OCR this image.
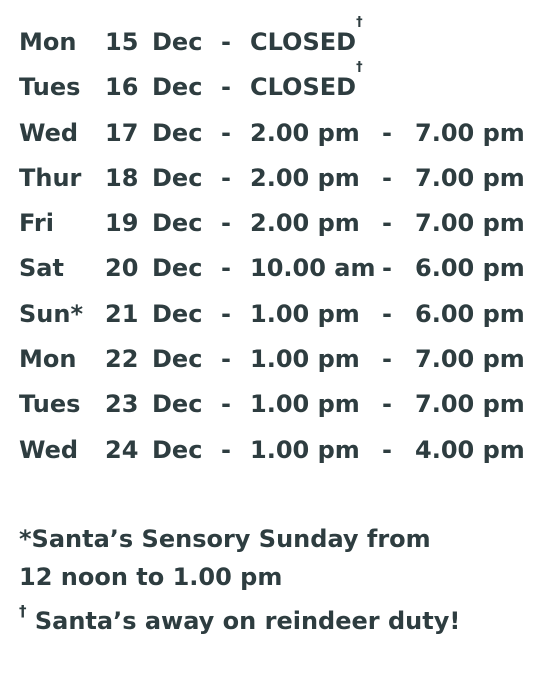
Mon 15 Dec - CLOSED†
Tues 16 Dec - CLOSED†
Wed 17 Dec - 2.00 pm - 7.00 pm
Thur 18 Dec - 2.00 pm - 7.00 pm
Fri 19 Dec - 2.00 pm - 7.00 pm
Sat 20 Dec - 10.00 am - 6.00 pm
Sun* 21 Dec - 1.00 pm - 6.00 pm
Mon 22 Dec - 1.00 pm - 7.00 pm
Tues 23 Dec - 1.00 pm - 7.00 pm
Wed 24 Dec - 1.00 pm - 4.00 pm
*Santa’s Sensory Sunday from
12 noon to 1.00 pm
† Santa’s away on reindeer duty!
